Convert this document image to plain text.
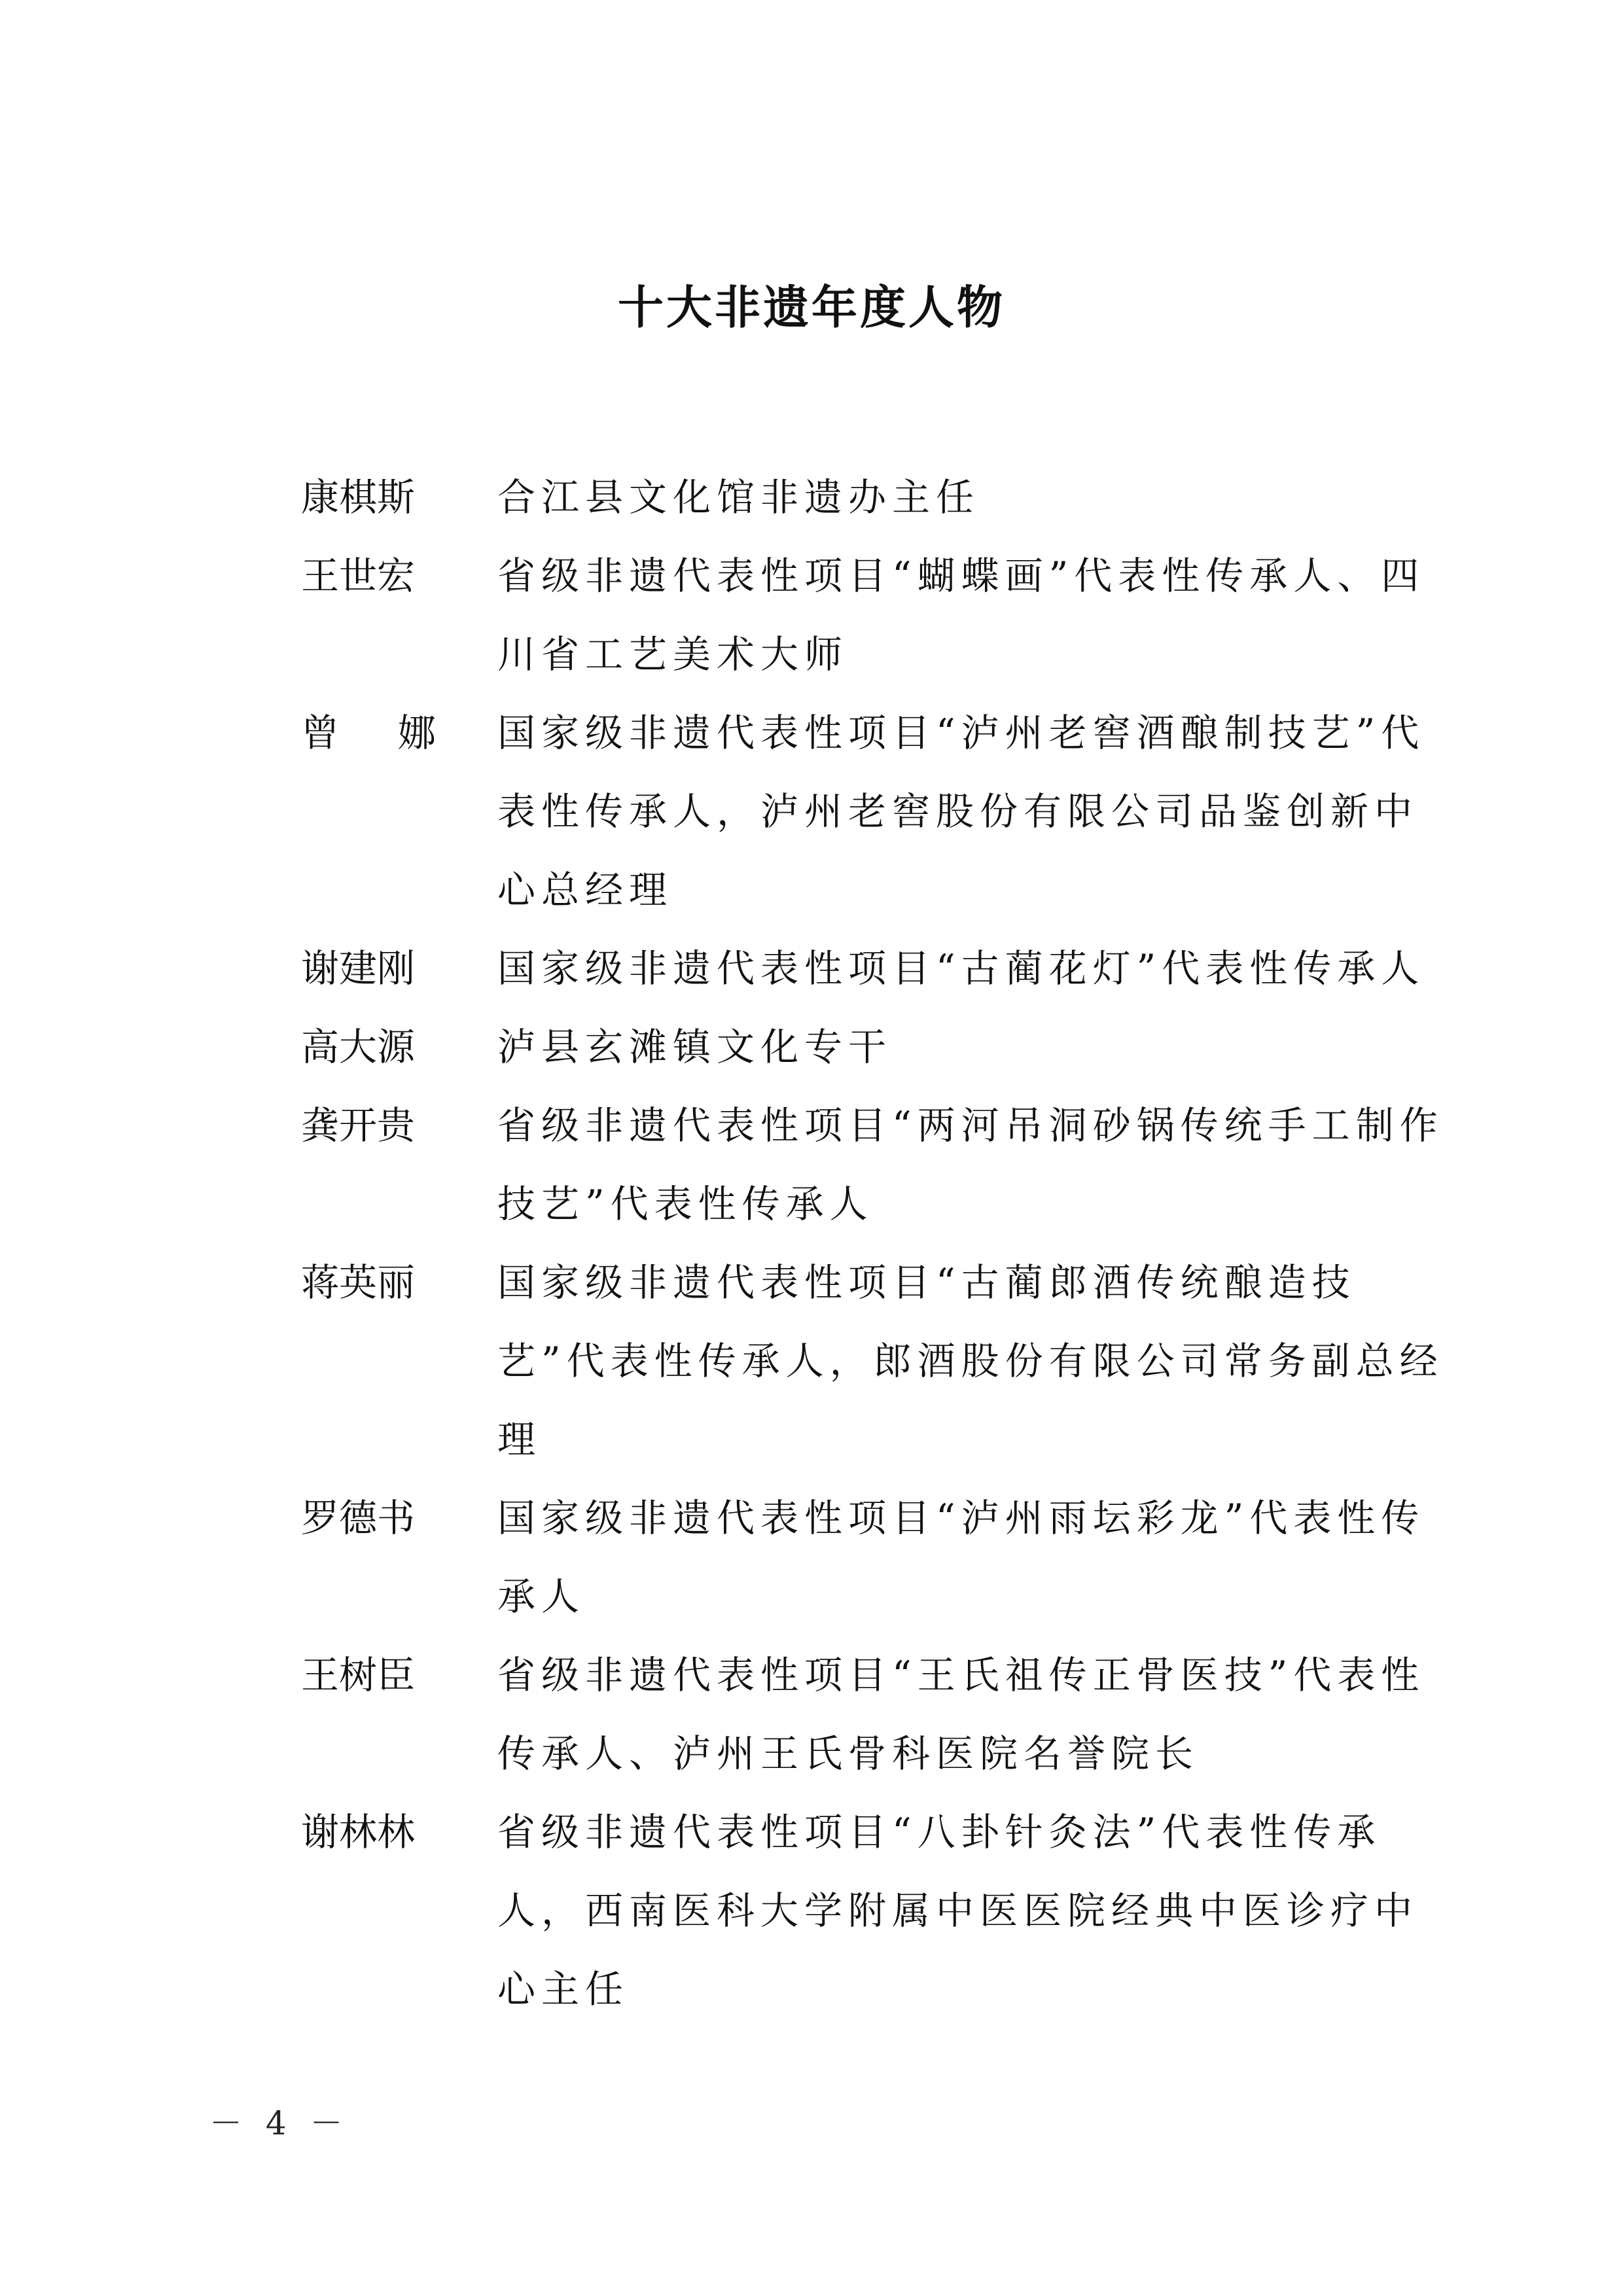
十大非遗年度人物
康棋斯	合江县文化馆非遗办主任
王世宏	省级非遗代表性项目“蝴蝶画”代表性传承人、四川省工艺美术大师
曾娜 国家级非遗代表性项目“泸州老窖酒酿制技艺”代表性传承人，泸州老窖股份有限公司品鉴创新中心总经理
谢建刚	国家级非遗代表性项目“古蔺花灯”代表性传承人
高大源	泸县玄滩镇文化专干
龚开贵	省级非遗代表性项目“两河吊洞砂锅传统手工制作技艺”代表性传承人
蒋英丽	国家级非遗代表性项目“古蔺郎酒传统酿造技艺”代表性传承人，郎酒股份有限公司常务副总经理
罗德书	国家级非遗代表性项目“泸州雨坛彩龙”代表性传承人
王树臣	省级非遗代表性项目“王氏祖传正骨医技”代表性传承人、泸州王氏骨科医院名誉院长
谢林林	省级非遗代表性项目“八卦针灸法”代表性传承人，西南医科大学附属中医医院经典中医诊疗中心主任
－ 4 －
